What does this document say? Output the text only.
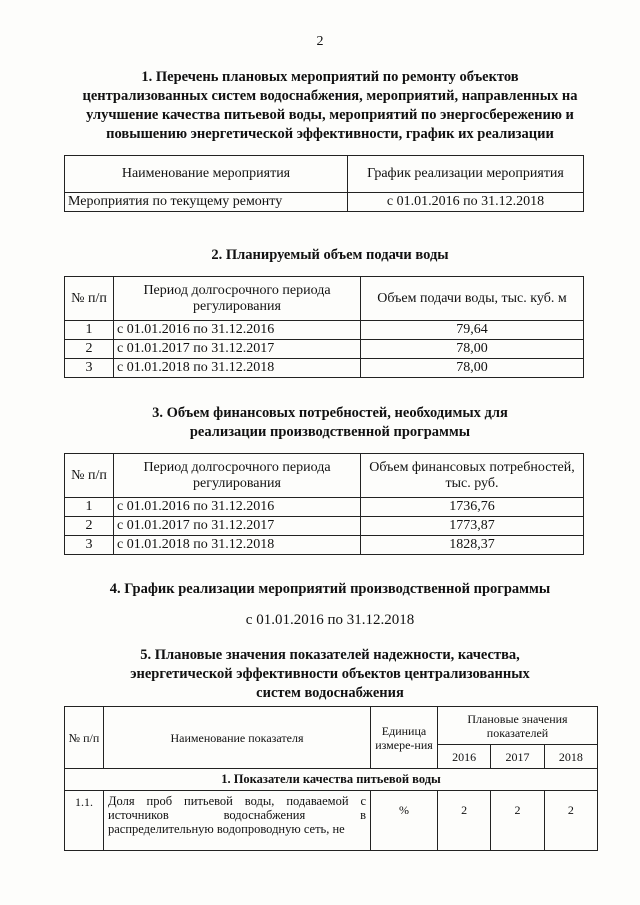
2
1. Перечень плановых мероприятий по ремонту объектов
централизованных систем водоснабжения, мероприятий, направленных на
улучшение качества питьевой воды, мероприятий по энергосбережению и
повышению энергетической эффективности, график их реализации
Наименование мероприятия	График реализации мероприятия
Мероприятия по текущему ремонту	с 01.01.2016 по 31.12.2018
2. Планируемый объем подачи воды
№ п/п	Период долгосрочного периода регулирования	Объем подачи воды, тыс. куб. м
1	с 01.01.2016 по 31.12.2016	79,64
2	с 01.01.2017 по 31.12.2017	78,00
3	с 01.01.2018 по 31.12.2018	78,00
3. Объем финансовых потребностей, необходимых для
реализации производственной программы
№ п/п	Период долгосрочного периода регулирования	Объем финансовых потребностей, тыс. руб.
1	с 01.01.2016 по 31.12.2016	1736,76
2	с 01.01.2017 по 31.12.2017	1773,87
3	с 01.01.2018 по 31.12.2018	1828,37
4. График реализации мероприятий производственной программы
с 01.01.2016 по 31.12.2018
5. Плановые значения показателей надежности, качества,
энергетической эффективности объектов централизованных
систем водоснабжения
№ п/п	Наименование показателя	Единица измере-ния	Плановые значения показателей		
			2016	2017	2018
1. Показатели качества питьевой воды					
1.1.	Доля проб питьевой воды, подаваемой с источников водоснабжения в распределительную водопроводную сеть, не	%	2	2	2
